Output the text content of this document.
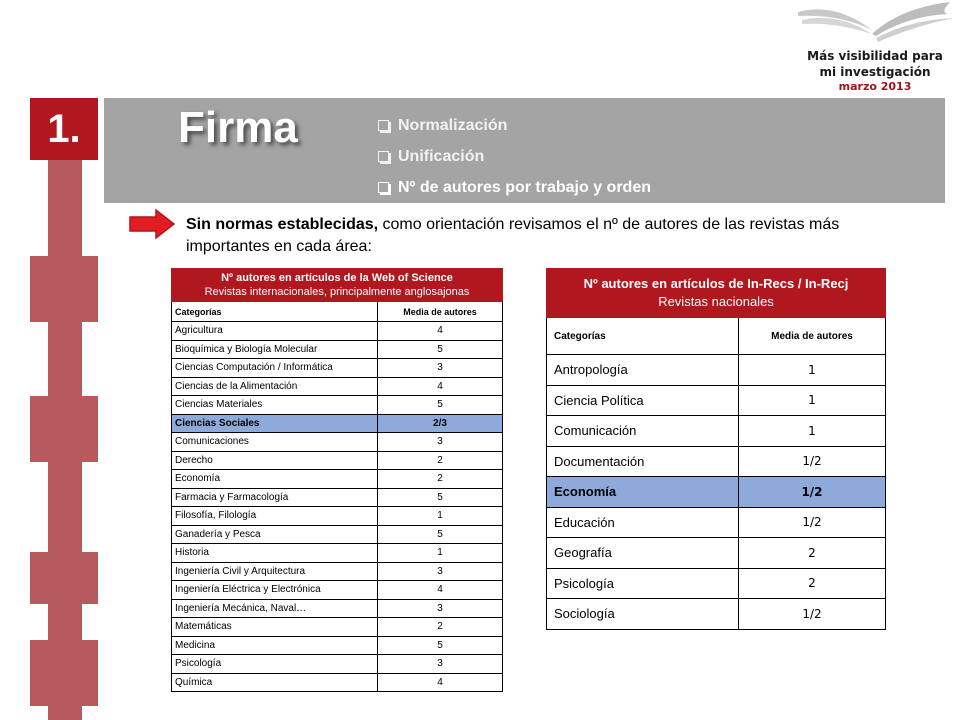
Más visibilidad para
mi investigación
marzo 2013
1.	Firma	Normalización
Unificación
Nº de autores por trabajo y orden
Sin normas establecidas, como orientación revisamos el nº de autores de las revistas más importantes en cada área:
Nº autores en artículos de la Web of Science
Revistas internacionales, principalmente anglosajonas	

Categorías	Media de autores
Agricultura	4
Bioquímica y Biología Molecular	5
Ciencias Computación / Informática	3
Ciencias de la Alimentación	4
Ciencias Materiales	5
Ciencias Sociales	2/3
Comunicaciones	3
Derecho	2
Economía	2
Farmacia y Farmacología	5
Filosofía, Filología	1
Ganadería y Pesca	5
Historia	1
Ingeniería Civil y Arquitectura	3
Ingeniería Eléctrica y Electrónica	4
Ingeniería Mecánica, Naval…	3
Matemáticas	2
Medicina	5
Psicología	3
Química	4
Nº autores en artículos de In-Recs / In-Recj
Revistas nacionales	

Categorías	Media de autores
Antropología	1
Ciencia Política	1
Comunicación	1
Documentación	1/2
Economía	1/2
Educación	1/2
Geografía	2
Psicología	2
Sociología	1/2
